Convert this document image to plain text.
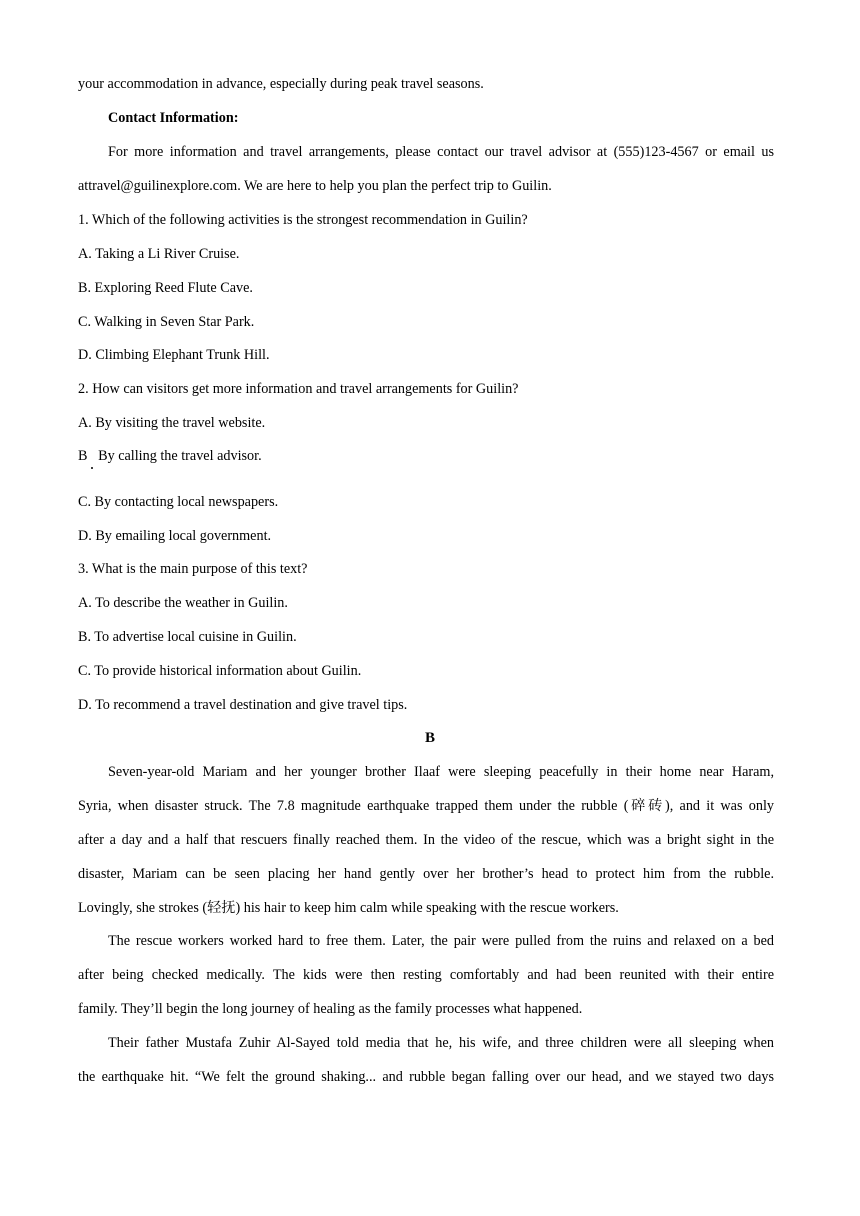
your accommodation in advance, especially during peak travel seasons.
Contact Information:
For more information and travel arrangements, please contact our travel advisor at (555)123-4567 or email us
attravel@guilinexplore.com. We are here to help you plan the perfect trip to Guilin.
1. Which of the following activities is the strongest recommendation in Guilin?
A. Taking a Li River Cruise.
B. Exploring Reed Flute Cave.
C. Walking in Seven Star Park.
D. Climbing Elephant Trunk Hill.
2. How can visitors get more information and travel arrangements for Guilin?
A. By visiting the travel website.
B   By calling the travel advisor.
C. By contacting local newspapers.
D. By emailing local government.
3. What is the main purpose of this text?
A. To describe the weather in Guilin.
B. To advertise local cuisine in Guilin.
C. To provide historical information about Guilin.
D. To recommend a travel destination and give travel tips.
B
Seven-year-old Mariam and her younger brother Ilaaf were sleeping peacefully in their home near Haram,
Syria, when disaster struck. The 7.8 magnitude earthquake trapped them under the rubble (碎砖), and it was only
after a day and a half that rescuers finally reached them. In the video of the rescue, which was a bright sight in the
disaster, Mariam can be seen placing her hand gently over her brother’s head to protect him from the rubble.
Lovingly, she strokes (轻抚) his hair to keep him calm while speaking with the rescue workers.
The rescue workers worked hard to free them. Later, the pair were pulled from the ruins and relaxed on a bed
after being checked medically. The kids were then resting comfortably and had been reunited with their entire
family. They’ll begin the long journey of healing as the family processes what happened.
Their father Mustafa Zuhir Al-Sayed told media that he, his wife, and three children were all sleeping when
the earthquake hit. “We felt the ground shaking... and rubble began falling over our head, and we stayed two days
